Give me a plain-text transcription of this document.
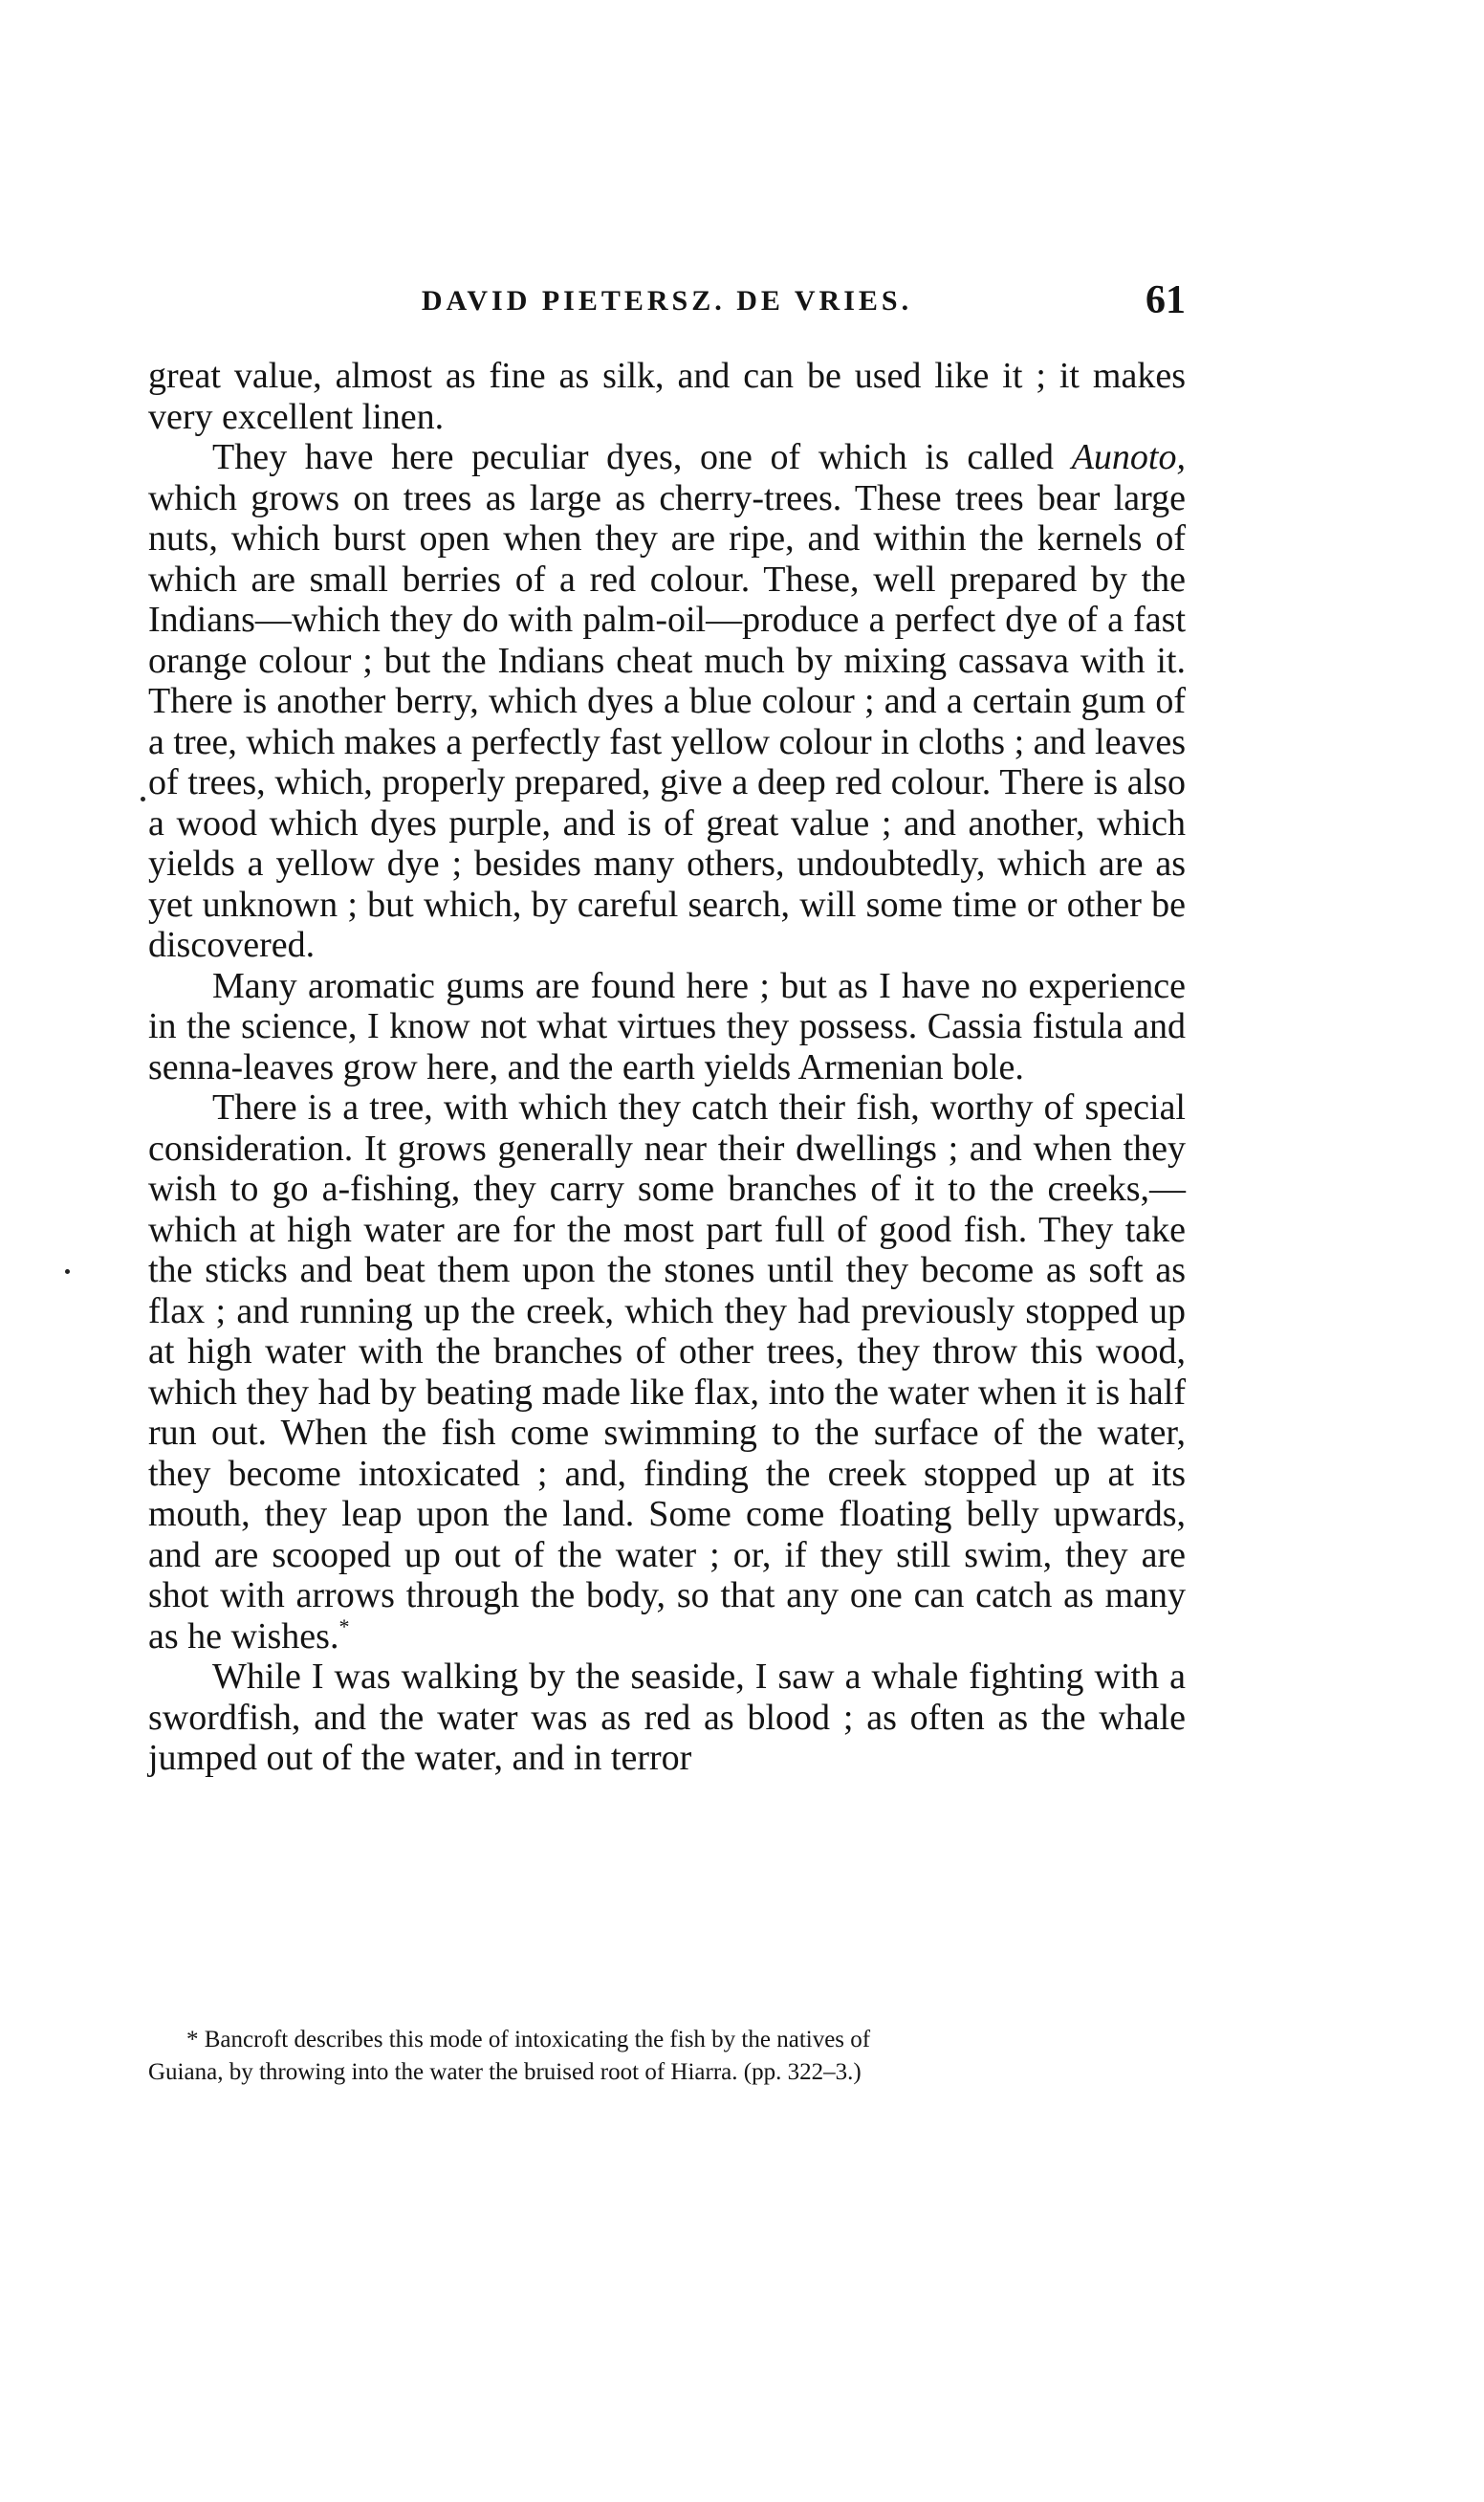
DAVID PIETERSZ. DE VRIES.	61

great value, almost as fine as silk, and can be used like it ; it makes very excellent linen.

They have here peculiar dyes, one of which is called Aunoto, which grows on trees as large as cherry-trees. These trees bear large nuts, which burst open when they are ripe, and within the kernels of which are small berries of a red colour. These, well prepared by the Indians—which they do with palm-oil—produce a perfect dye of a fast orange colour ; but the Indians cheat much by mixing cassava with it. There is another berry, which dyes a blue colour ; and a certain gum of a tree, which makes a perfectly fast yellow colour in cloths ; and leaves of trees, which, properly prepared, give a deep red colour. There is also a wood which dyes purple, and is of great value ; and another, which yields a yellow dye ; besides many others, undoubtedly, which are as yet unknown ; but which, by careful search, will some time or other be discovered.

Many aromatic gums are found here ; but as I have no experience in the science, I know not what virtues they possess. Cassia fistula and senna-leaves grow here, and the earth yields Armenian bole.

There is a tree, with which they catch their fish, worthy of special consideration. It grows generally near their dwellings ; and when they wish to go a-fishing, they carry some branches of it to the creeks,—which at high water are for the most part full of good fish. They take the sticks and beat them upon the stones until they become as soft as flax ; and running up the creek, which they had previously stopped up at high water with the branches of other trees, they throw this wood, which they had by beating made like flax, into the water when it is half run out. When the fish come swimming to the surface of the water, they become intoxicated ; and, finding the creek stopped up at its mouth, they leap upon the land. Some come floating belly upwards, and are scooped up out of the water ; or, if they still swim, they are shot with arrows through the body, so that any one can catch as many as he wishes.*

While I was walking by the seaside, I saw a whale fighting with a swordfish, and the water was as red as blood ; as often as the whale jumped out of the water, and in terror

* Bancroft describes this mode of intoxicating the fish by the natives of
Guiana, by throwing into the water the bruised root of Hiarra. (pp. 322–3.)
